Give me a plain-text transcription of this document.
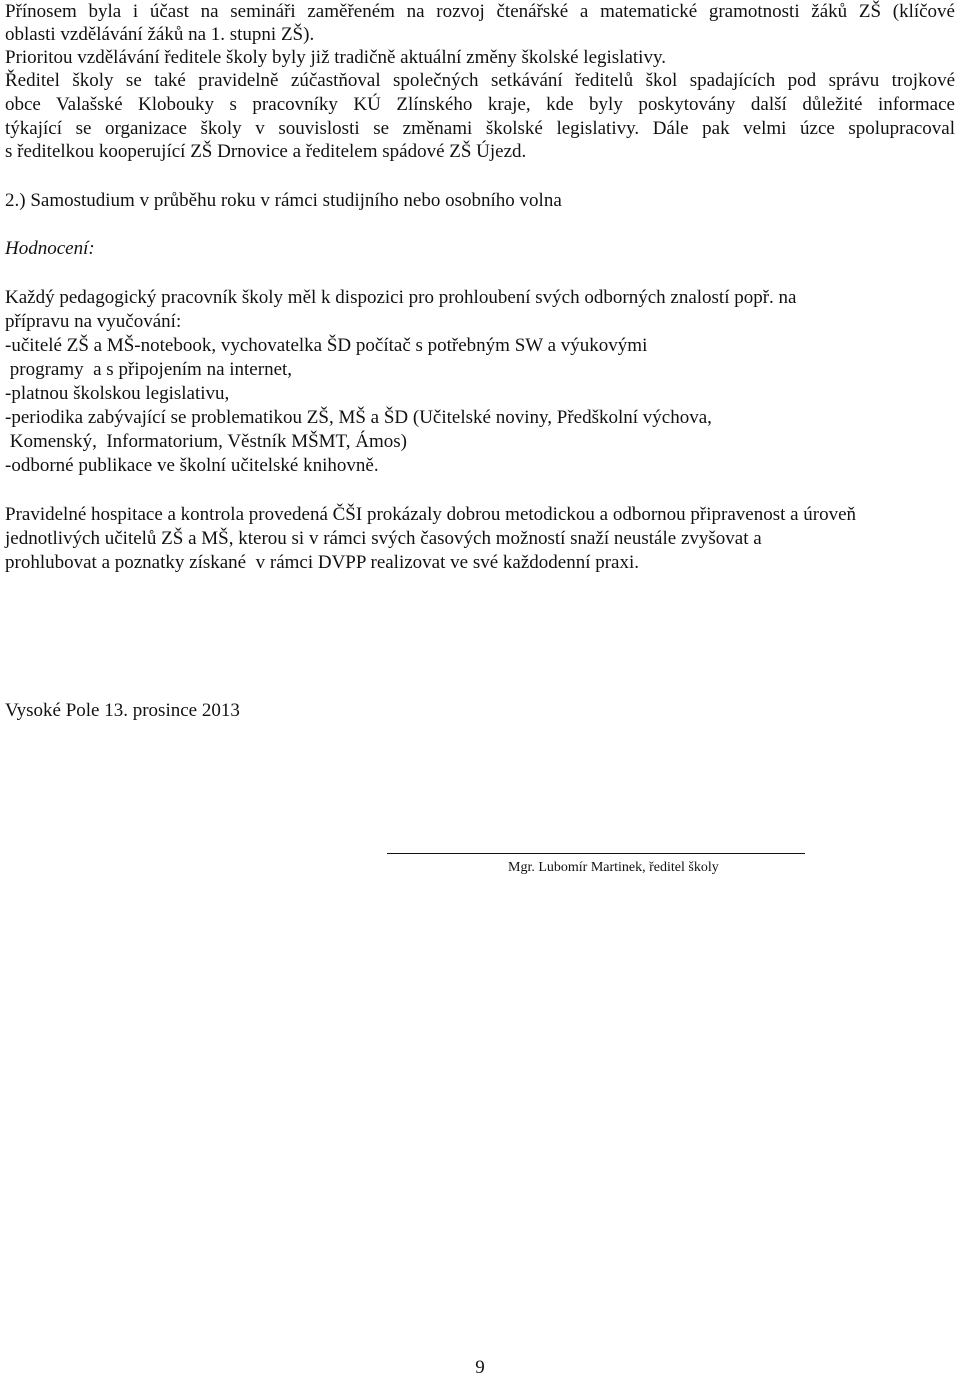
Přínosem byla i účast na semináři zaměřeném na rozvoj čtenářské a matematické gramotnosti žáků ZŠ (klíčové
oblasti vzdělávání žáků na 1. stupni ZŠ).
Prioritou vzdělávání ředitele školy byly již tradičně aktuální změny školské legislativy.
Ředitel školy se také pravidelně zúčastňoval společných setkávání ředitelů škol spadajících pod správu trojkové
obce Valašské Klobouky s pracovníky KÚ Zlínského kraje, kde byly poskytovány další důležité informace
týkající se organizace školy v souvislosti se změnami školské legislativy. Dále pak velmi úzce spolupracoval
s ředitelkou kooperující ZŠ Drnovice a ředitelem spádové ZŠ Újezd.
2.) Samostudium v průběhu roku v rámci studijního nebo osobního volna
Hodnocení:
Každý pedagogický pracovník školy měl k dispozici pro prohloubení svých odborných znalostí popř. na
přípravu na vyučování:
-učitelé ZŠ a MŠ-notebook, vychovatelka ŠD počítač s potřebným SW a výukovými
programy  a s připojením na internet,
-platnou školskou legislativu,
-periodika zabývající se problematikou ZŠ, MŠ a ŠD (Učitelské noviny, Předškolní výchova,
Komenský,  Informatorium, Věstník MŠMT, Ámos)
-odborné publikace ve školní učitelské knihovně.
Pravidelné hospitace a kontrola provedená ČŠI prokázaly dobrou metodickou a odbornou připravenost a úroveň
jednotlivých učitelů ZŠ a MŠ, kterou si v rámci svých časových možností snaží neustále zvyšovat a
prohlubovat a poznatky získané  v rámci DVPP realizovat ve své každodenní praxi.
Vysoké Pole 13. prosince 2013
Mgr. Lubomír Martinek, ředitel školy
9
